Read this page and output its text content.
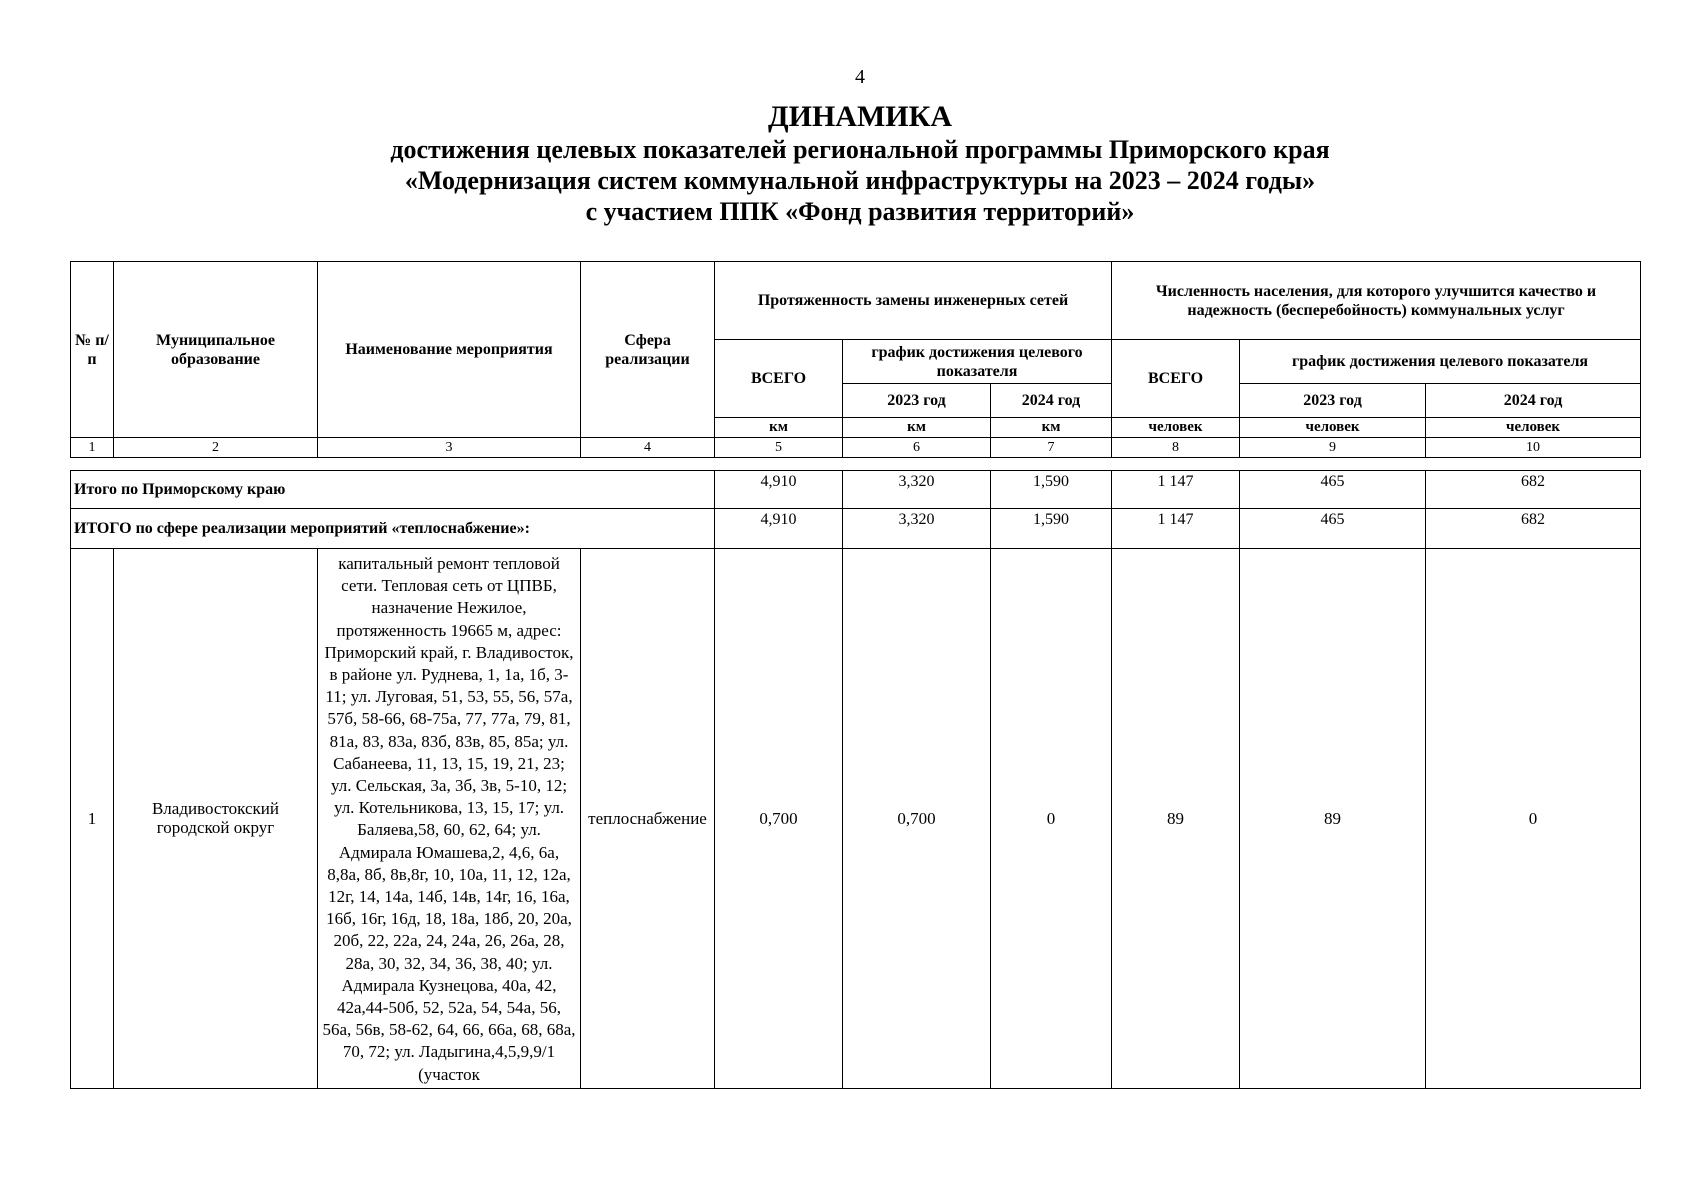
4
ДИНАМИКА
достижения целевых показателей региональной программы Приморского края
«Модернизация систем коммунальной инфраструктуры на 2023 – 2024 годы»
с участием ППК «Фонд развития территорий»
№ п/п	Муниципальное образование	Наименование мероприятия	Сфера реализации	Протяженность замены инженерных сетей			Численность населения, для которого улучшится качество и надежность (бесперебойность) коммунальных услуг		
				ВСЕГО	график достижения целевого показателя		ВСЕГО	график достижения целевого показателя	
					2023 год	2024 год		2023 год	2024 год
				км	км	км	человек	человек	человек
1	2	3	4	5	6	7	8	9	10

Итого по Приморскому краю				4,910	3,320	1,590	1 147	465	682
ИТОГО по сфере реализации мероприятий «теплоснабжение»:				4,910	3,320	1,590	1 147	465	682
1	Владивостокский городской округ	капитальный ремонт тепловой сети. Тепловая сеть от ЦПВБ, назначение Нежилое, протяженность 19665 м, адрес: Приморский край, г. Владивосток, в районе ул. Руднева, 1, 1а, 1б, 3-11; ул. Луговая, 51, 53, 55, 56, 57а, 57б, 58-66, 68-75а, 77, 77а, 79, 81, 81а, 83, 83а, 83б, 83в, 85, 85а; ул. Сабанеева, 11, 13, 15, 19, 21, 23; ул. Сельская, 3а, 3б, 3в, 5-10, 12; ул. Котельникова, 13, 15, 17; ул. Баляева,58, 60, 62, 64; ул. Адмирала Юмашева,2, 4,6, 6а, 8,8а, 8б, 8в,8г, 10, 10а, 11, 12, 12а, 12г, 14, 14а, 14б, 14в, 14г, 16, 16а, 16б, 16г, 16д, 18, 18а, 18б, 20, 20а, 20б, 22, 22а, 24, 24а, 26, 26а, 28, 28а, 30, 32, 34, 36, 38, 40; ул. Адмирала Кузнецова, 40а, 42, 42а,44-50б, 52, 52а, 54, 54а, 56, 56а, 56в, 58-62, 64, 66, 66а, 68, 68а, 70, 72; ул. Ладыгина,4,5,9,9/1 (участок	теплоснабжение	0,700	0,700	0	89	89	0
